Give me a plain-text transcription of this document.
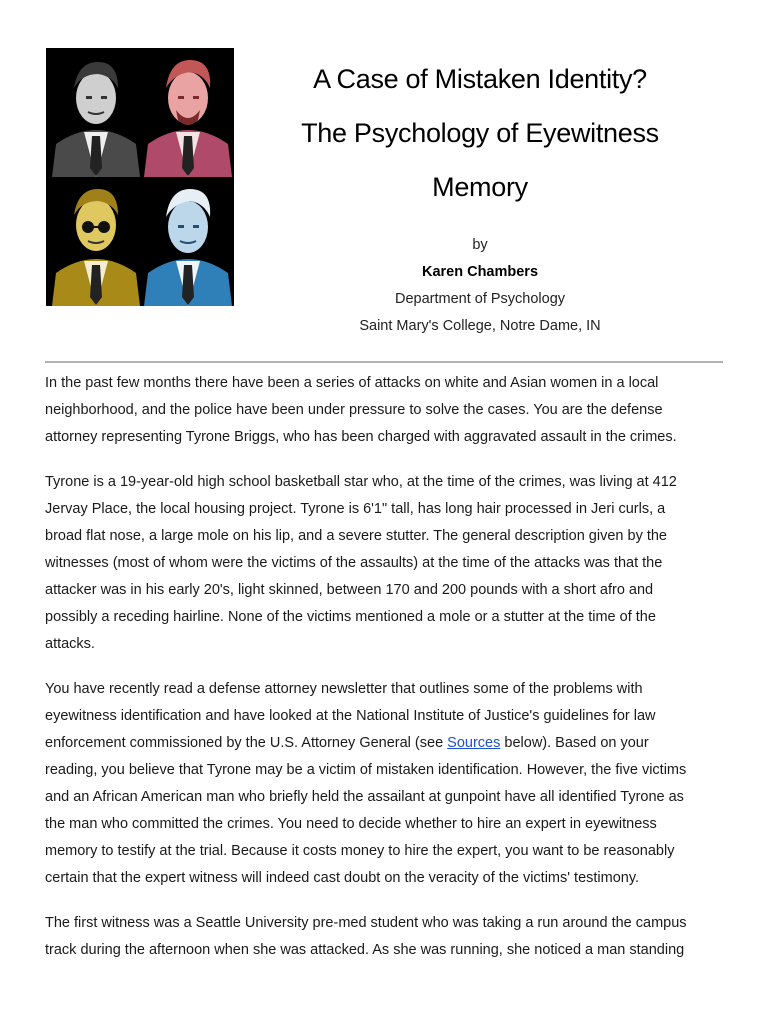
A Case of Mistaken Identity?
The Psychology of Eyewitness
Memory
by
Karen Chambers
Department of Psychology
Saint Mary's College, Notre Dame, IN

In the past few months there have been a series of attacks on white and Asian women in a local
neighborhood, and the police have been under pressure to solve the cases. You are the defense
attorney representing Tyrone Briggs, who has been charged with aggravated assault in the crimes.

Tyrone is a 19-year-old high school basketball star who, at the time of the crimes, was living at 412
Jervay Place, the local housing project. Tyrone is 6'1" tall, has long hair processed in Jeri curls, a
broad flat nose, a large mole on his lip, and a severe stutter. The general description given by the
witnesses (most of whom were the victims of the assaults) at the time of the attacks was that the
attacker was in his early 20's, light skinned, between 170 and 200 pounds with a short afro and
possibly a receding hairline. None of the victims mentioned a mole or a stutter at the time of the
attacks.

You have recently read a defense attorney newsletter that outlines some of the problems with
eyewitness identification and have looked at the National Institute of Justice's guidelines for law
enforcement commissioned by the U.S. Attorney General (see Sources below). Based on your
reading, you believe that Tyrone may be a victim of mistaken identification. However, the five victims
and an African American man who briefly held the assailant at gunpoint have all identified Tyrone as
the man who committed the crimes. You need to decide whether to hire an expert in eyewitness
memory to testify at the trial. Because it costs money to hire the expert, you want to be reasonably
certain that the expert witness will indeed cast doubt on the veracity of the victims' testimony.

The first witness was a Seattle University pre-med student who was taking a run around the campus
track during the afternoon when she was attacked. As she was running, she noticed a man standing
